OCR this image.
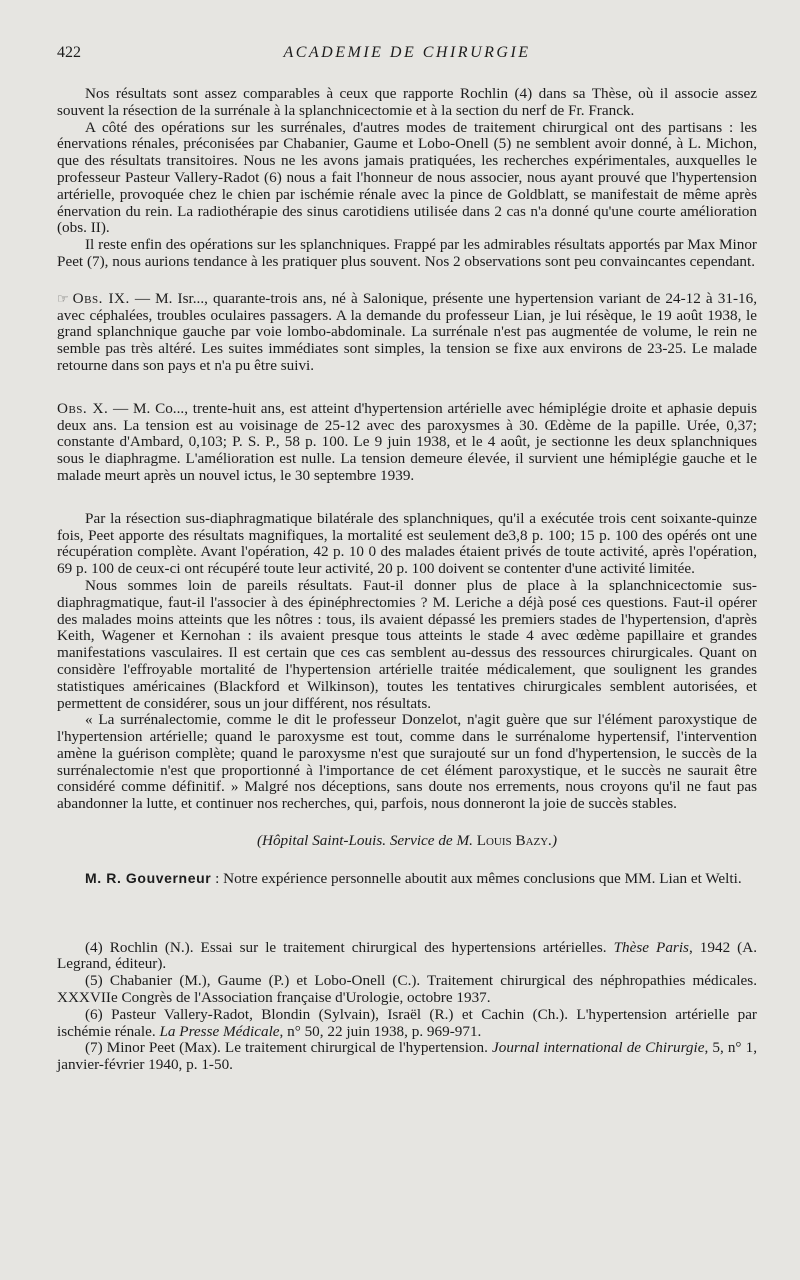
422	ACADEMIE DE CHIRURGIE

Nos résultats sont assez comparables à ceux que rapporte Rochlin (4) dans sa Thèse, où il associe assez souvent la résection de la surrénale à la splanchnicectomie et à la section du nerf de Fr. Franck.

A côté des opérations sur les surrénales, d'autres modes de traitement chirurgical ont des partisans : les énervations rénales, préconisées par Chabanier, Gaume et Lobo-Onell (5) ne semblent avoir donné, à L. Michon, que des résultats transitoires. Nous ne les avons jamais pratiquées, les recherches expérimentales, auxquelles le professeur Pasteur Vallery-Radot (6) nous a fait l'honneur de nous associer, nous ayant prouvé que l'hypertension artérielle, provoquée chez le chien par ischémie rénale avec la pince de Goldblatt, se manifestait de même après énervation du rein. La radiothérapie des sinus carotidiens utilisée dans 2 cas n'a donné qu'une courte amélioration (obs. II).

Il reste enfin des opérations sur les splanchniques. Frappé par les admirables résultats apportés par Max Minor Peet (7), nous aurions tendance à les pratiquer plus souvent. Nos 2 observations sont peu convaincantes cependant.

☞ Obs. IX. — M. Isr..., quarante-trois ans, né à Salonique, présente une hypertension variant de 24-12 à 31-16, avec céphalées, troubles oculaires passagers. A la demande du professeur Lian, je lui résèque, le 19 août 1938, le grand splanchnique gauche par voie lombo-abdominale. La surrénale n'est pas augmentée de volume, le rein ne semble pas très altéré. Les suites immédiates sont simples, la tension se fixe aux environs de 23-25. Le malade retourne dans son pays et n'a pu être suivi.

Obs. X. — M. Co..., trente-huit ans, est atteint d'hypertension artérielle avec hémiplégie droite et aphasie depuis deux ans. La tension est au voisinage de 25-12 avec des paroxysmes à 30. Œdème de la papille. Urée, 0,37; constante d'Ambard, 0,103; P. S. P., 58 p. 100. Le 9 juin 1938, et le 4 août, je sectionne les deux splanchniques sous le diaphragme. L'amélioration est nulle. La tension demeure élevée, il survient une hémiplégie gauche et le malade meurt après un nouvel ictus, le 30 septembre 1939.

Par la résection sus-diaphragmatique bilatérale des splanchniques, qu'il a exécutée trois cent soixante-quinze fois, Peet apporte des résultats magnifiques, la mortalité est seulement de3,8 p. 100; 15 p. 100 des opérés ont une récupération complète. Avant l'opération, 42 p. 10 0 des malades étaient privés de toute activité, après l'opération, 69 p. 100 de ceux-ci ont récupéré toute leur activité, 20 p. 100 doivent se contenter d'une activité limitée.

Nous sommes loin de pareils résultats. Faut-il donner plus de place à la splanchnicectomie sus-diaphragmatique, faut-il l'associer à des épinéphrectomies ? M. Leriche a déjà posé ces questions. Faut-il opérer des malades moins atteints que les nôtres : tous, ils avaient dépassé les premiers stades de l'hypertension, d'après Keith, Wagener et Kernohan : ils avaient presque tous atteints le stade 4 avec œdème papillaire et grandes manifestations vasculaires. Il est certain que ces cas semblent au-dessus des ressources chirurgicales. Quant on considère l'effroyable mortalité de l'hypertension artérielle traitée médicalement, que soulignent les grandes statistiques américaines (Blackford et Wilkinson), toutes les tentatives chirurgicales semblent autorisées, et permettent de considérer, sous un jour différent, nos résultats.

« La surrénalectomie, comme le dit le professeur Donzelot, n'agit guère que sur l'élément paroxystique de l'hypertension artérielle; quand le paroxysme est tout, comme dans le surrénalome hypertensif, l'intervention amène la guérison complète; quand le paroxysme n'est que surajouté sur un fond d'hypertension, le succès de la surrénalectomie n'est que proportionné à l'importance de cet élément paroxystique, et le succès ne saurait être considéré comme définitif. » Malgré nos déceptions, sans doute nos errements, nous croyons qu'il ne faut pas abandonner la lutte, et continuer nos recherches, qui, parfois, nous donneront la joie de succès stables.

(Hôpital Saint-Louis. Service de M. Louis Bazy.)

M. R. Gouverneur : Notre expérience personnelle aboutit aux mêmes conclusions que MM. Lian et Welti.

(4) Rochlin (N.). Essai sur le traitement chirurgical des hypertensions artérielles. Thèse Paris, 1942 (A. Legrand, éditeur).

(5) Chabanier (M.), Gaume (P.) et Lobo-Onell (C.). Traitement chirurgical des néphropathies médicales. XXXVIIe Congrès de l'Association française d'Urologie, octobre 1937.

(6) Pasteur Vallery-Radot, Blondin (Sylvain), Israël (R.) et Cachin (Ch.). L'hypertension artérielle par ischémie rénale. La Presse Médicale, n° 50, 22 juin 1938, p. 969-971.

(7) Minor Peet (Max). Le traitement chirurgical de l'hypertension. Journal international de Chirurgie, 5, n° 1, janvier-février 1940, p. 1-50.
